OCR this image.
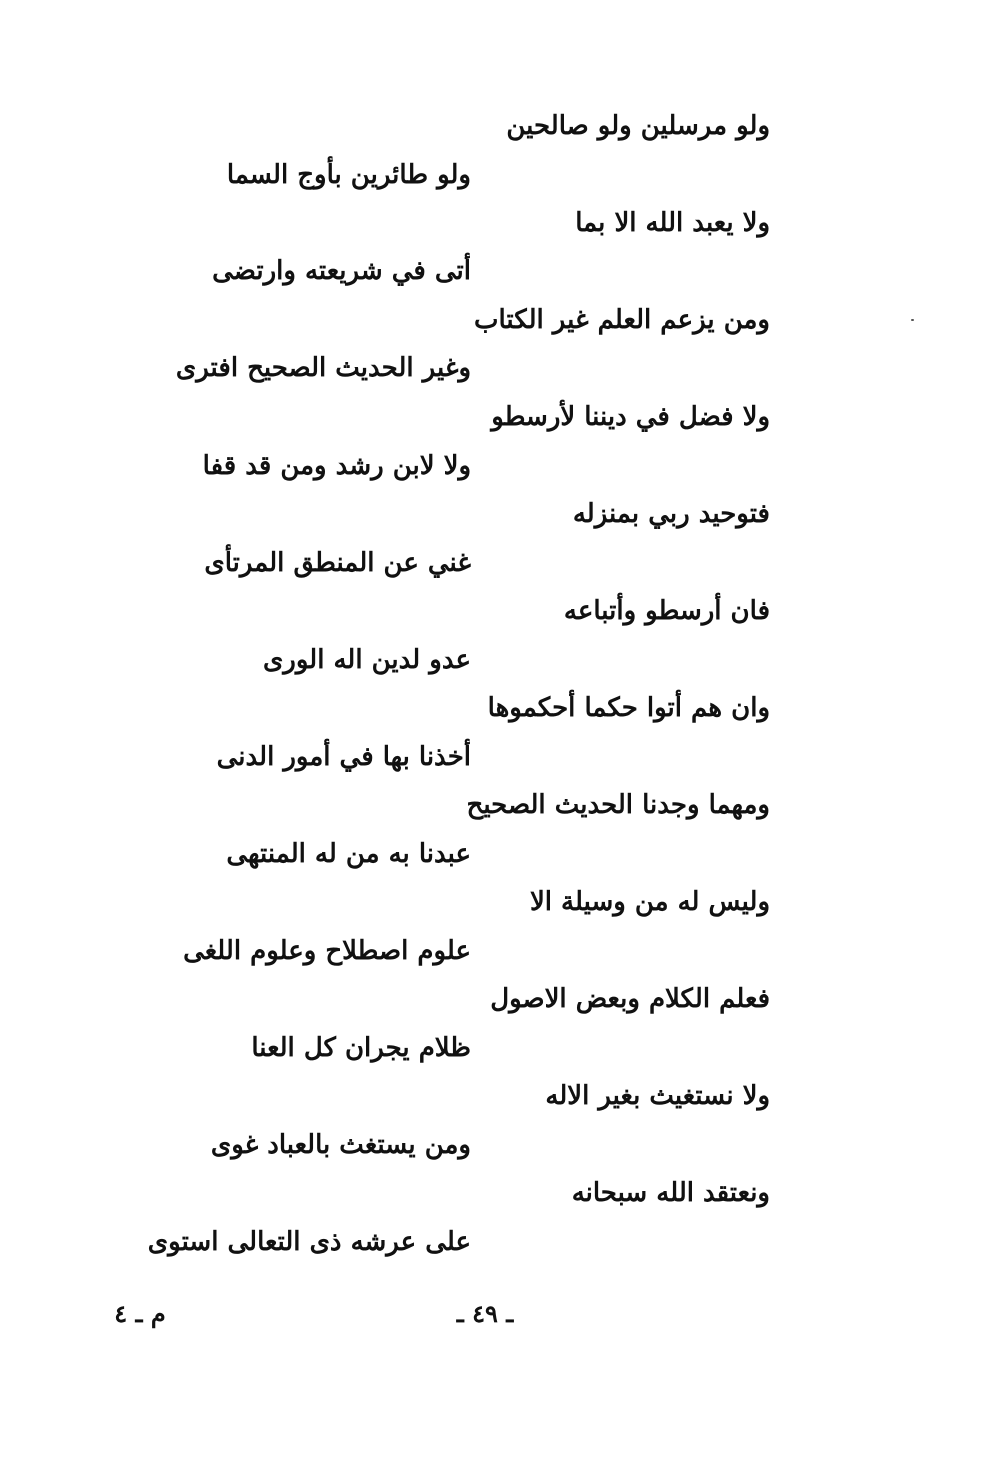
ولو مرسلين ولو صالحين
ولو طائرين بأوج السما
ولا يعبد الله الا بما
أتى في شريعته وارتضى
ومن يزعم العلم غير الكتاب
وغير الحديث الصحيح افترى
ولا فضل في ديننا لأرسطو
ولا لابن رشد ومن قد قفا
فتوحيد ربي بمنزله
غني عن المنطق المرتأى
فان أرسطو وأتباعه
عدو لدين اله الورى
وان هم أتوا حكما أحكموها
أخذنا بها في أمور الدنى
ومهما وجدنا الحديث الصحيح
عبدنا به من له المنتهى
وليس له من وسيلة الا
علوم اصطلاح وعلوم اللغى
فعلم الكلام وبعض الاصول
ظلام يجران كل العنا
ولا نستغيث بغير الاله
ومن يستغث بالعباد غوى
ونعتقد الله سبحانه
على عرشه ذى التعالى استوى
ـ ٤٩ ـ
م ـ ٤
